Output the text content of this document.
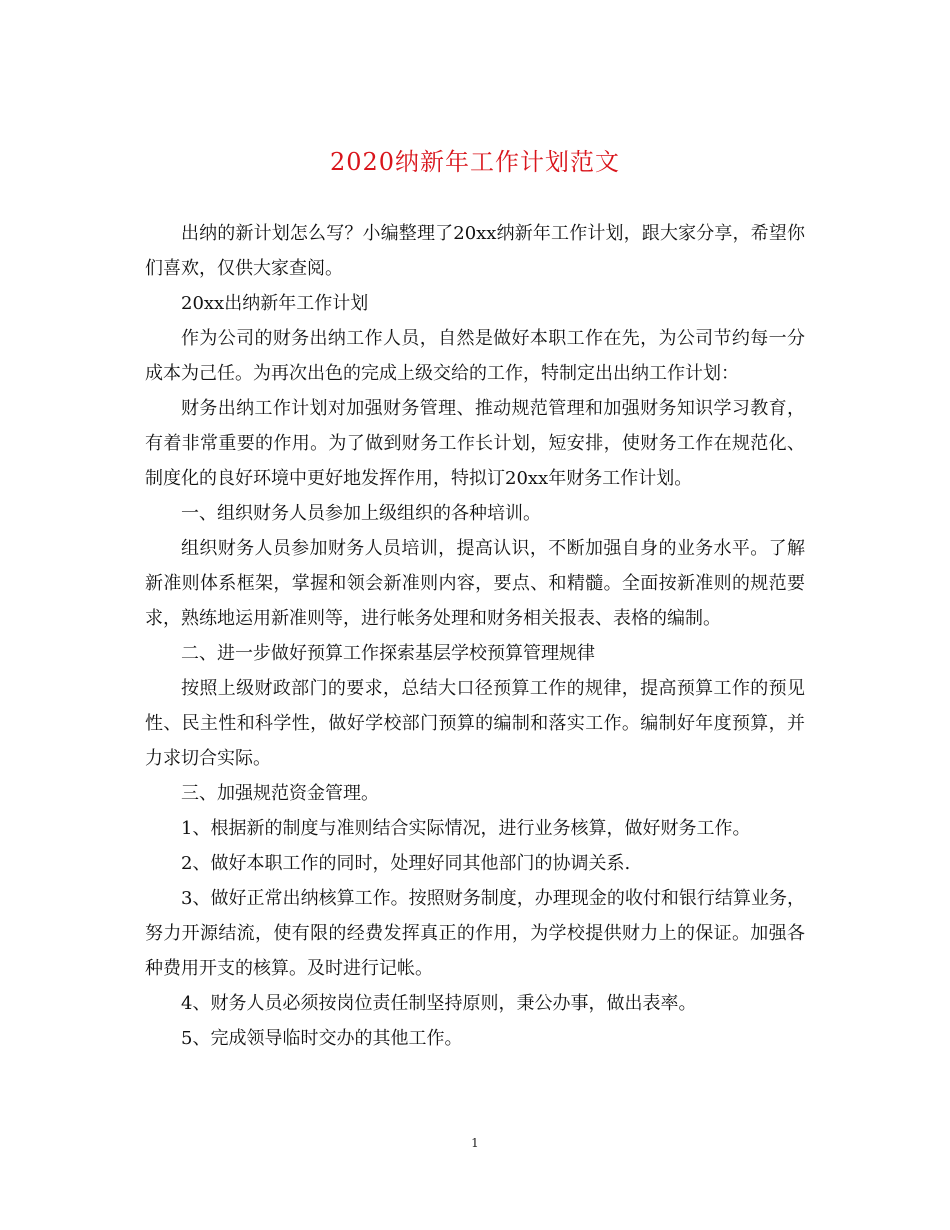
2020纳新年工作计划范文

出纳的新计划怎么写？小编整理了20xx纳新年工作计划，跟大家分享，希望你们喜欢，仅供大家查阅。

20xx出纳新年工作计划

作为公司的财务出纳工作人员，自然是做好本职工作在先，为公司节约每一分成本为己任。为再次出色的完成上级交给的工作，特制定出出纳工作计划：

财务出纳工作计划对加强财务管理、推动规范管理和加强财务知识学习教育，有着非常重要的作用。为了做到财务工作长计划，短安排，使财务工作在规范化、制度化的良好环境中更好地发挥作用，特拟订20xx年财务工作计划。

一、组织财务人员参加上级组织的各种培训。

组织财务人员参加财务人员培训，提高认识，不断加强自身的业务水平。了解新准则体系框架，掌握和领会新准则内容，要点、和精髓。全面按新准则的规范要求，熟练地运用新准则等，进行帐务处理和财务相关报表、表格的编制。

二、进一步做好预算工作探索基层学校预算管理规律

按照上级财政部门的要求，总结大口径预算工作的规律，提高预算工作的预见性、民主性和科学性，做好学校部门预算的编制和落实工作。编制好年度预算，并力求切合实际。

三、加强规范资金管理。

1、根据新的制度与准则结合实际情况，进行业务核算，做好财务工作。

2、做好本职工作的同时，处理好同其他部门的协调关系.

3、做好正常出纳核算工作。按照财务制度，办理现金的收付和银行结算业务，努力开源结流，使有限的经费发挥真正的作用，为学校提供财力上的保证。加强各种费用开支的核算。及时进行记帐。

4、财务人员必须按岗位责任制坚持原则，秉公办事，做出表率。

5、完成领导临时交办的其他工作。

1
